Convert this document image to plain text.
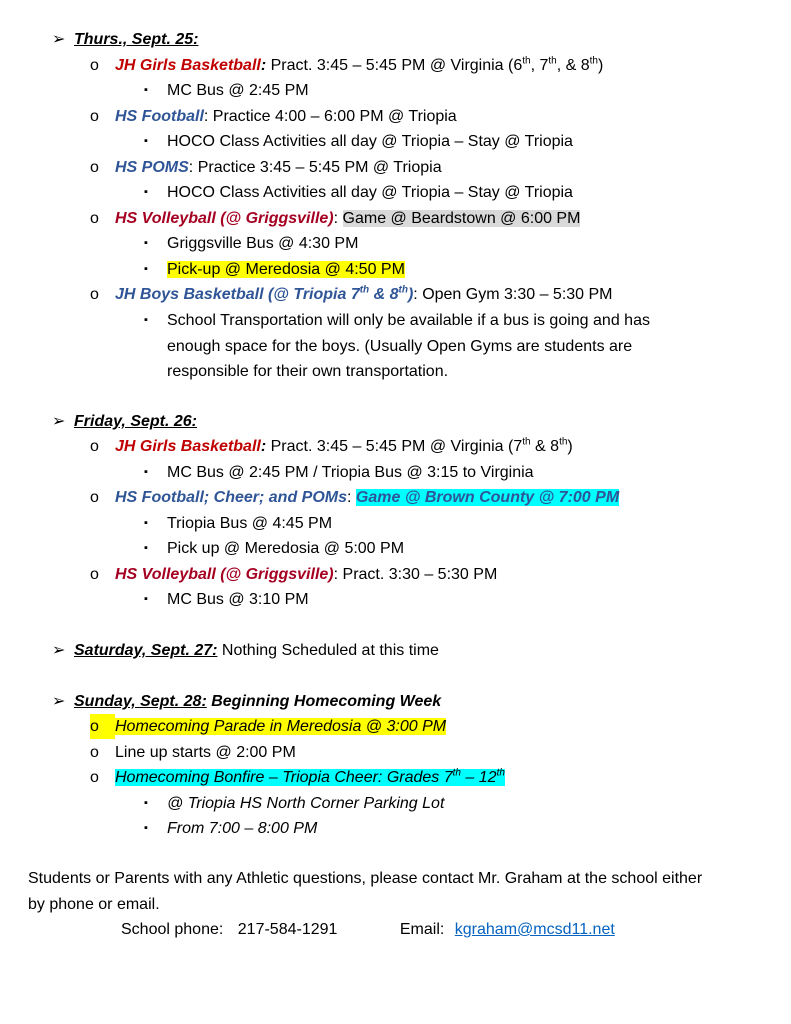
➢ Thurs., Sept. 25:
o	JH Girls Basketball: Pract. 3:45 – 5:45 PM @ Virginia (6th, 7th, & 8th)
▪	MC Bus @ 2:45 PM
o	HS Football: Practice 4:00 – 6:00 PM @ Triopia
▪	HOCO Class Activities all day @ Triopia – Stay @ Triopia
o	HS POMS: Practice 3:45 – 5:45 PM @ Triopia
▪	HOCO Class Activities all day @ Triopia – Stay @ Triopia
o	HS Volleyball (@ Griggsville): Game @ Beardstown @ 6:00 PM
▪	Griggsville Bus @ 4:30 PM
▪	Pick-up @ Meredosia @ 4:50 PM
o	JH Boys Basketball (@ Triopia 7th & 8th): Open Gym 3:30 – 5:30 PM
▪	School Transportation will only be available if a bus is going and has enough space for the boys. (Usually Open Gyms are students are responsible for their own transportation.
➢ Friday, Sept. 26:
o	JH Girls Basketball: Pract. 3:45 – 5:45 PM @ Virginia (7th & 8th)
▪	MC Bus @ 2:45 PM / Triopia Bus @ 3:15 to Virginia
o	HS Football; Cheer; and POMs: Game @ Brown County @ 7:00 PM
▪	Triopia Bus @ 4:45 PM
▪	Pick up @ Meredosia @ 5:00 PM
o	HS Volleyball (@ Griggsville): Pract. 3:30 – 5:30 PM
▪	MC Bus @ 3:10 PM
➢ Saturday, Sept. 27: Nothing Scheduled at this time
➢ Sunday, Sept. 28: Beginning Homecoming Week
o	Homecoming Parade in Meredosia @ 3:00 PM
o	Line up starts @ 2:00 PM
o	Homecoming Bonfire – Triopia Cheer: Grades 7th – 12th
▪	@ Triopia HS North Corner Parking Lot
▪	From 7:00 – 8:00 PM
Students or Parents with any Athletic questions, please contact Mr. Graham at the school either by phone or email.
School phone: 217-584-1291	Email: kgraham@mcsd11.net
